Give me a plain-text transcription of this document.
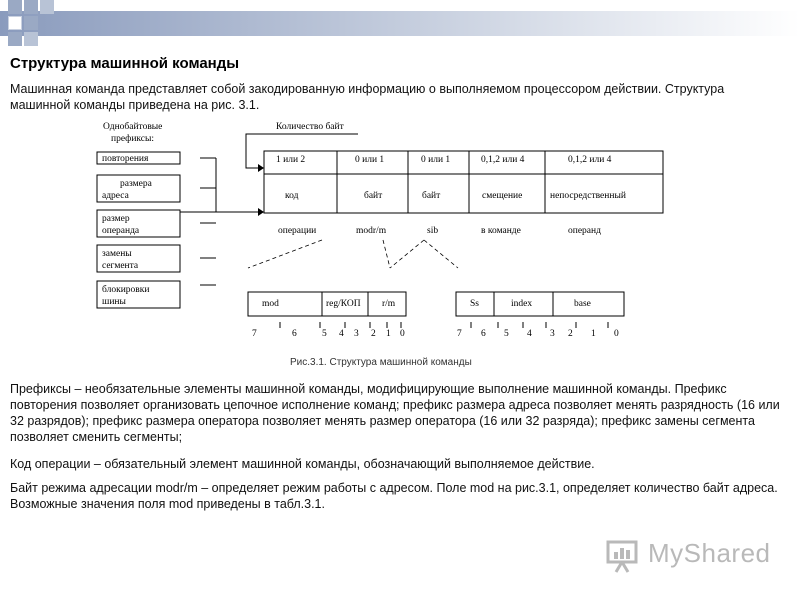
Структура машинной команды
Машинная команда представляет собой закодированную информацию о выполняемом процессором действии. Структура машинной команды приведена на рис. 3.1.
Однобайтовые
префиксы:
повторения
размера
адреса
размер
операнда
замены
сегмента
блокировки
шины
Количество байт
1 или 2	0 или 1	0 или 1	0,1,2 или 4	0,1,2 или 4
код	байт	байт	смещение	непосредственный
операции	modr/m	sib	в команде	операнд
mod	reg/КОП r/m
7	6	5 4 3 2 1 0
Ss	index	base
7 6 5 4 3 2 1 0
Рис.3.1. Структура машинной команды
Префиксы – необязательные элементы машинной команды, модифицирующие выполнение машинной команды. Префикс повторения позволяет организовать цепочное исполнение команд; префикс размера адреса позволяет менять разрядность (16 или 32 разрядов); префикс размера оператора позволяет менять размер оператора (16 или 32 разряда); префикс замены сегмента позволяет сменить сегменты;
Код операции – обязательный элемент машинной команды, обозначающий выполняемое действие.
Байт режима адресации modr/m – определяет режим работы с адресом. Поле mod на рис.3.1, определяет количество байт адреса. Возможные значения поля mod приведены в табл.3.1.
MyShared
